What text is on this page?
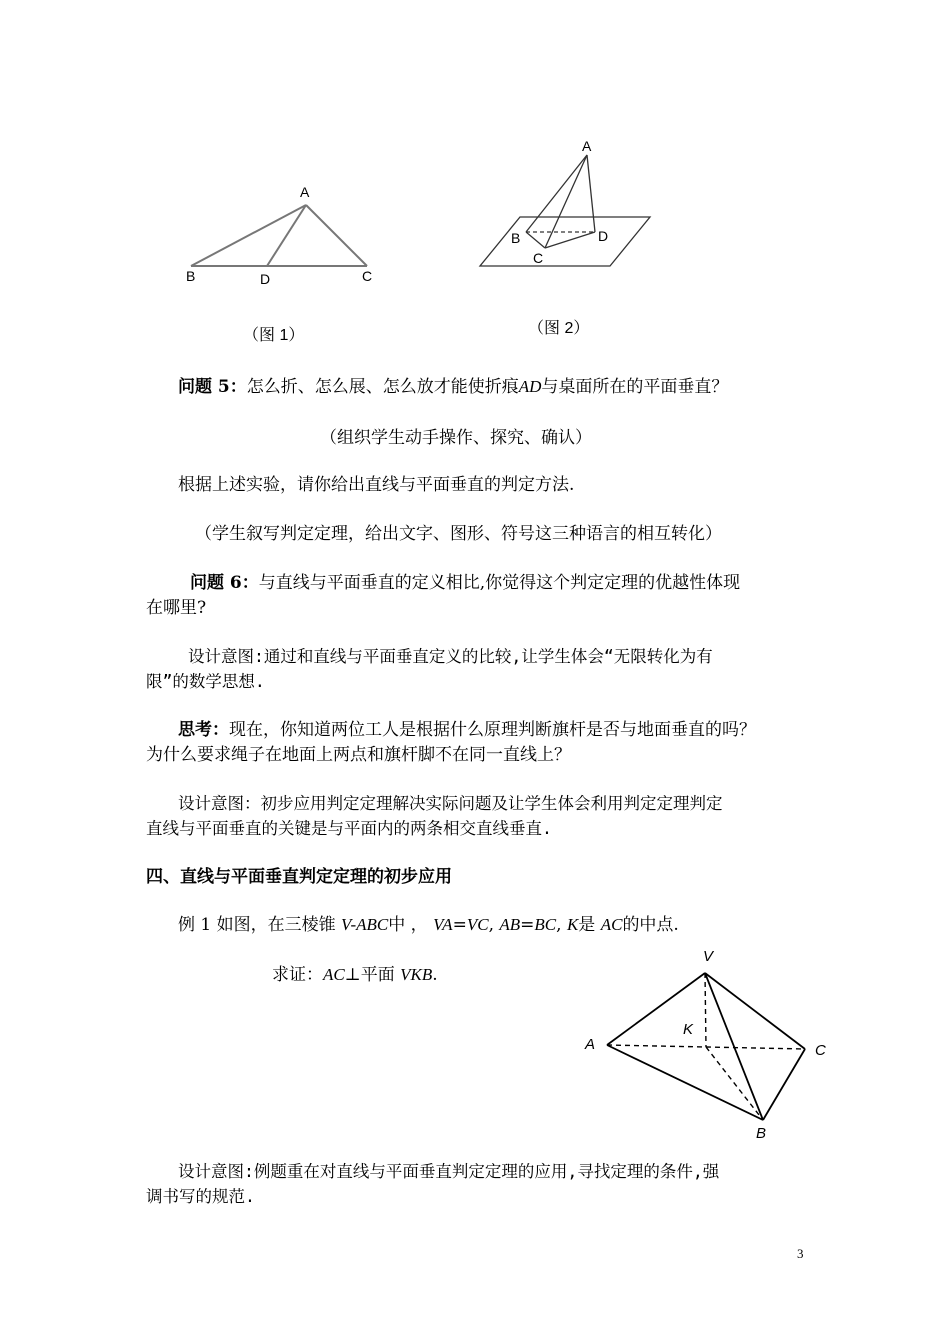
A
B	D	C
（图 1）
A
B	D
C
（图 2）
问题 5：怎么折、怎么展、怎么放才能使折痕AD与桌面所在的平面垂直？
（组织学生动手操作、探究、确认）
根据上述实验，请你给出直线与平面垂直的判定方法.
（学生叙写判定定理，给出文字、图形、符号这三种语言的相互转化）
问题 6：与直线与平面垂直的定义相比,你觉得这个判定定理的优越性体现
在哪里?
设计意图:通过和直线与平面垂直定义的比较,让学生体会“无限转化为有
限”的数学思想.
思考：现在，你知道两位工人是根据什么原理判断旗杆是否与地面垂直的吗？
为什么要求绳子在地面上两点和旗杆脚不在同一直线上？
设计意图：初步应用判定定理解决实际问题及让学生体会利用判定定理判定
直线与平面垂直的关键是与平面内的两条相交直线垂直.
四、直线与平面垂直判定定理的初步应用
例 1 如图，在三棱锥 V-ABC中 ， VA=VC, AB=BC, K是 AC的中点.
求证：AC⊥平面 VKB.
V
A
K
C
B
设计意图:例题重在对直线与平面垂直判定定理的应用,寻找定理的条件,强
调书写的规范.
3
